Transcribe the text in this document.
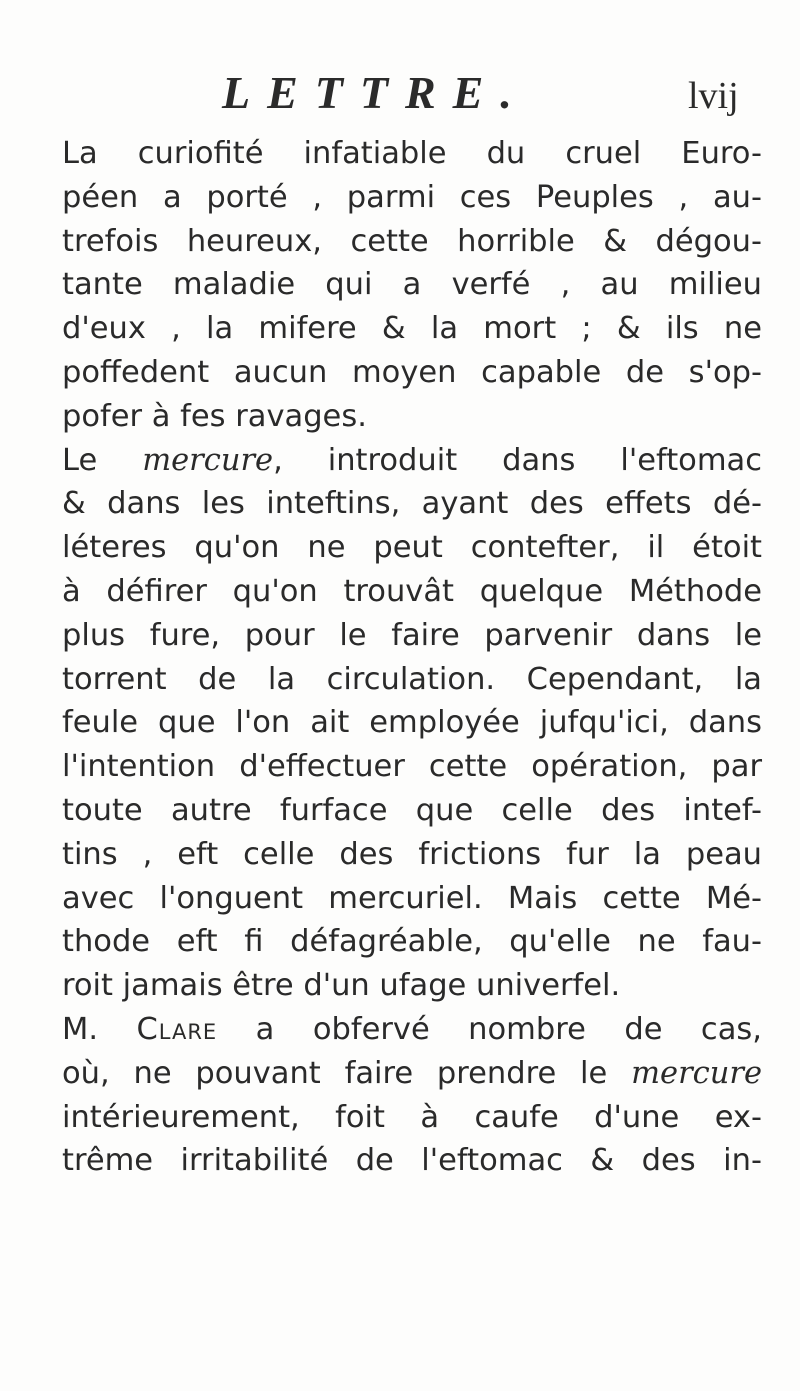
LETTRE.	lvij
La curiofité infatiable du cruel Euro-
péen a porté , parmi ces Peuples , au-
trefois heureux, cette horrible & dégou-
tante maladie qui a verfé , au milieu
d'eux , la mifere & la mort ; & ils ne
poffedent aucun moyen capable de s'op-
pofer à fes ravages.
Le mercure, introduit dans l'eftomac
& dans les inteftins, ayant des effets dé-
léteres qu'on ne peut contefter, il étoit
à défirer qu'on trouvât quelque Méthode
plus fure, pour le faire parvenir dans le
torrent de la circulation. Cependant, la
feule que l'on ait employée jufqu'ici, dans
l'intention d'effectuer cette opération, par
toute autre furface que celle des intef-
tins , eft celle des frictions fur la peau
avec l'onguent mercuriel. Mais cette Mé-
thode eft fi défagréable, qu'elle ne fau-
roit jamais être d'un ufage univerfel.
M. Clare a obfervé nombre de cas,
où, ne pouvant faire prendre le mercure
intérieurement, foit à caufe d'une ex-
trême irritabilité de l'eftomac & des in-
